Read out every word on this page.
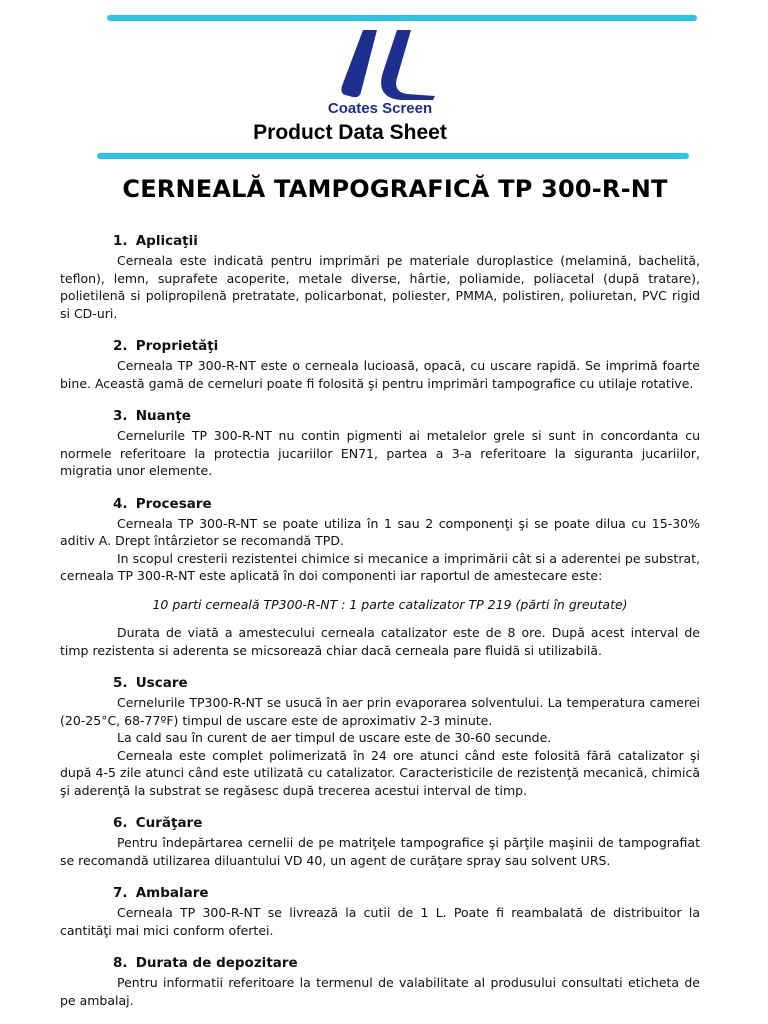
Coates Screen
Product Data Sheet
CERNEALĂ TAMPOGRAFICĂ TP 300-R-NT
1. Aplicaţii

Cerneala este indicată pentru imprimări pe materiale duroplastice (melamină, bachelită, teflon), lemn, suprafete acoperite, metale diverse, hârtie, poliamide, poliacetal (după tratare), polietilenă si polipropilenă pretratate, policarbonat, poliester, PMMA, polistiren, poliuretan, PVC rigid si CD-uri.

2. Proprietăţi

Cerneala TP 300-R-NT este o cerneala lucioasă, opacă, cu uscare rapidă. Se imprimă foarte bine. Această gamă de cerneluri poate fi folosită şi pentru imprimări tampografice cu utilaje rotative.

3. Nuanţe

Cernelurile TP 300-R-NT nu contin pigmenti ai metalelor grele si sunt in concordanta cu normele referitoare la protectia jucariilor EN71, partea a 3-a referitoare la siguranta jucariilor, migratia unor elemente.

4. Procesare

Cerneala TP 300-R-NT se poate utiliza în 1 sau 2 componenţi şi se poate dilua cu 15-30% aditiv A. Drept întârzietor se recomandă TPD.

In scopul cresterii rezistentei chimice si mecanice a imprimării cât si a aderentei pe substrat, cerneala TP 300-R-NT este aplicată în doi componenti iar raportul de amestecare este:

10 parti cerneală TP300-R-NT : 1 parte catalizator TP 219 (părti în greutate)

Durata de viată a amestecului cerneala catalizator este de 8 ore. După acest interval de timp rezistenta si aderenta se micsorează chiar dacă cerneala pare fluidă si utilizabilă.

5. Uscare

Cernelurile TP300-R-NT se usucă în aer prin evaporarea solventului. La temperatura camerei (20-25°C, 68-77ºF) timpul de uscare este de aproximativ 2-3 minute.

La cald sau în curent de aer timpul de uscare este de 30-60 secunde.

Cerneala este complet polimerizată în 24 ore atunci când este folosită fără catalizator şi după 4-5 zile atunci când este utilizată cu catalizator. Caracteristicile de rezistenţă mecanică, chimică şi aderenţă la substrat se regăsesc după trecerea acestui interval de timp.

6. Curăţare

Pentru îndepărtarea cernelii de pe matriţele tampografice şi părţile maşinii de tampografiat se recomandă utilizarea diluantului VD 40, un agent de curăţare spray sau solvent URS.

7. Ambalare

Cerneala TP 300-R-NT se livrează la cutii de 1 L. Poate fi reambalată de distribuitor la cantităţi mai mici conform ofertei.

8. Durata de depozitare

Pentru informatii referitoare la termenul de valabilitate al produsului consultati eticheta de pe ambalaj.
